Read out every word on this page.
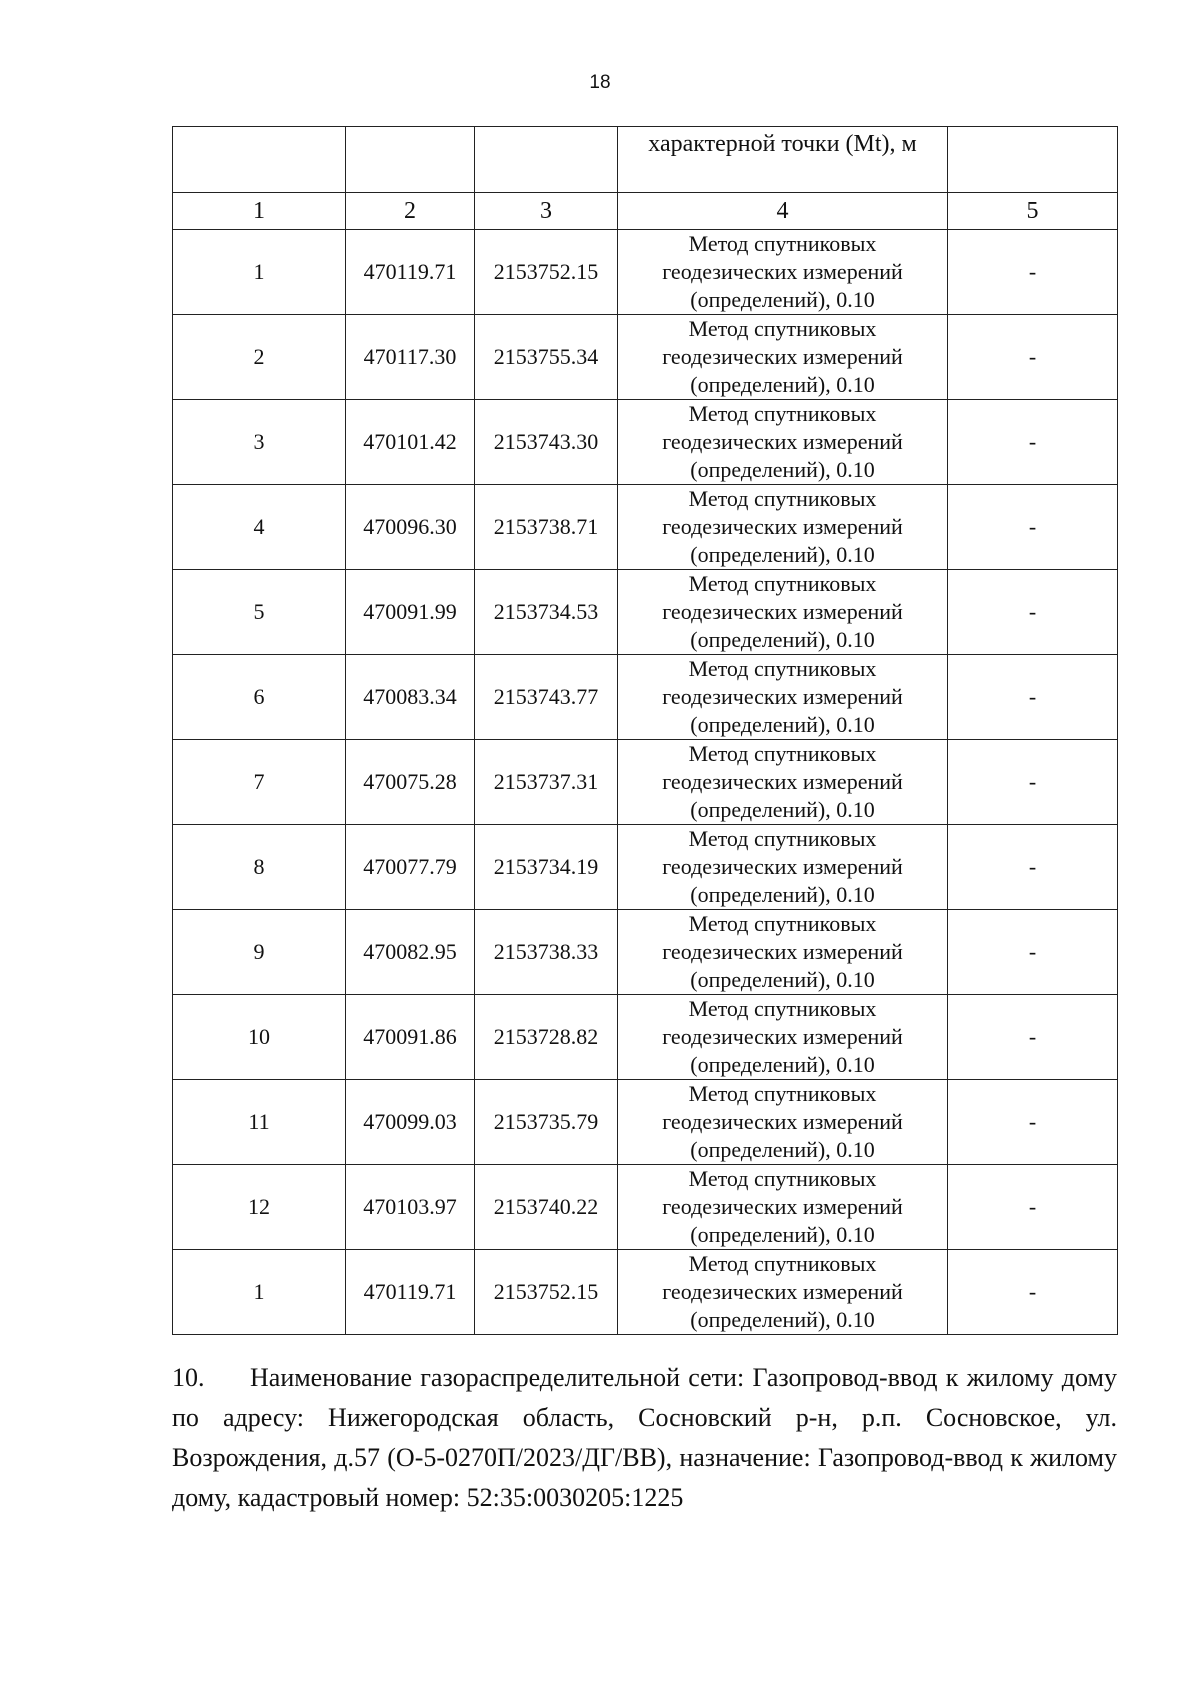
18
			характерной точки (Mt), м	
1	2	3	4	5
1	470119.71	2153752.15	Метод спутниковых
геодезических измерений
(определений), 0.10	-
2	470117.30	2153755.34	Метод спутниковых
геодезических измерений
(определений), 0.10	-
3	470101.42	2153743.30	Метод спутниковых
геодезических измерений
(определений), 0.10	-
4	470096.30	2153738.71	Метод спутниковых
геодезических измерений
(определений), 0.10	-
5	470091.99	2153734.53	Метод спутниковых
геодезических измерений
(определений), 0.10	-
6	470083.34	2153743.77	Метод спутниковых
геодезических измерений
(определений), 0.10	-
7	470075.28	2153737.31	Метод спутниковых
геодезических измерений
(определений), 0.10	-
8	470077.79	2153734.19	Метод спутниковых
геодезических измерений
(определений), 0.10	-
9	470082.95	2153738.33	Метод спутниковых
геодезических измерений
(определений), 0.10	-
10	470091.86	2153728.82	Метод спутниковых
геодезических измерений
(определений), 0.10	-
11	470099.03	2153735.79	Метод спутниковых
геодезических измерений
(определений), 0.10	-
12	470103.97	2153740.22	Метод спутниковых
геодезических измерений
(определений), 0.10	-
1	470119.71	2153752.15	Метод спутниковых
геодезических измерений
(определений), 0.10	-
10. Наименование газораспределительной сети: Газопровод-ввод к жилому дому по адресу: Нижегородская область, Сосновский р-н, р.п. Сосновское, ул. Возрождения, д.57 (О-5-0270П/2023/ДГ/ВВ), назначение: Газопровод-ввод к жилому дому, кадастровый номер: 52:35:0030205:1225
